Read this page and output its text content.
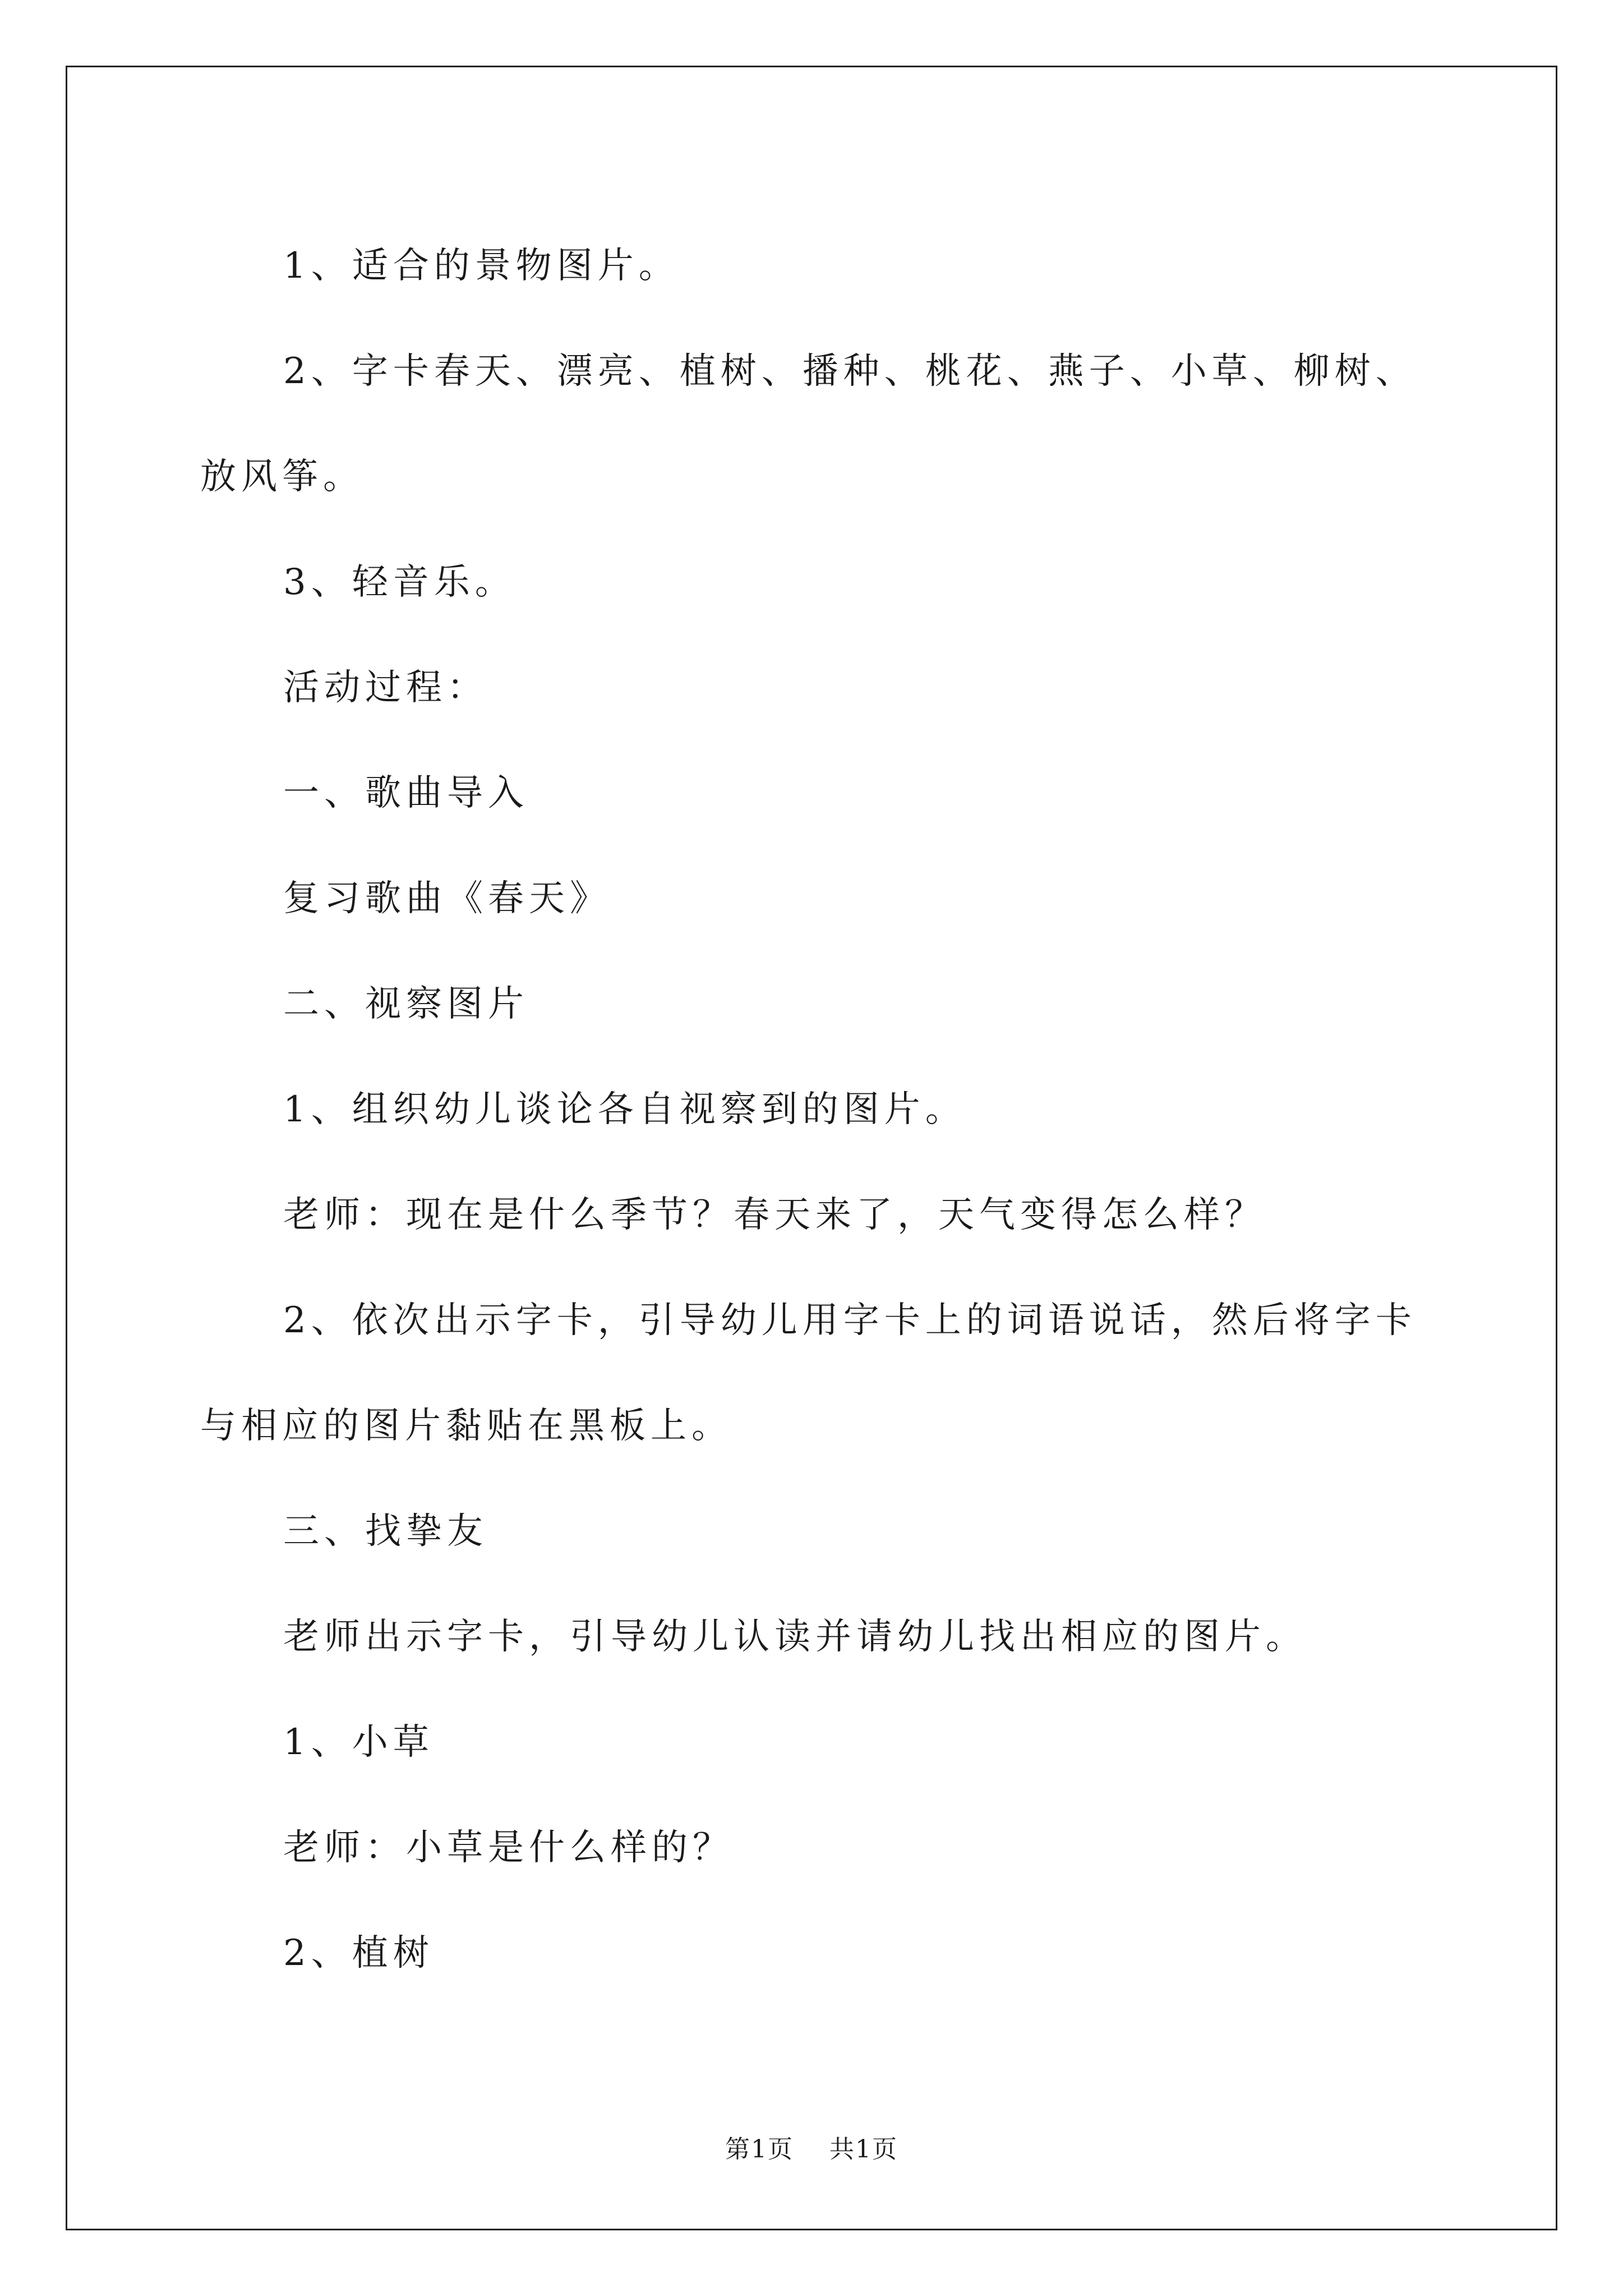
1、适合的景物图片。

2、字卡春天、漂亮、植树、播种、桃花、燕子、小草、柳树、放风筝。

3、轻音乐。

活动过程：

一、歌曲导入

复习歌曲《春天》

二、视察图片

1、组织幼儿谈论各自视察到的图片。

老师：现在是什么季节？春天来了，天气变得怎么样？

2、依次出示字卡，引导幼儿用字卡上的词语说话，然后将字卡与相应的图片黏贴在黑板上。

三、找挚友

老师出示字卡，引导幼儿认读并请幼儿找出相应的图片。

1、小草

老师：小草是什么样的？

2、植树

第1页 共1页
